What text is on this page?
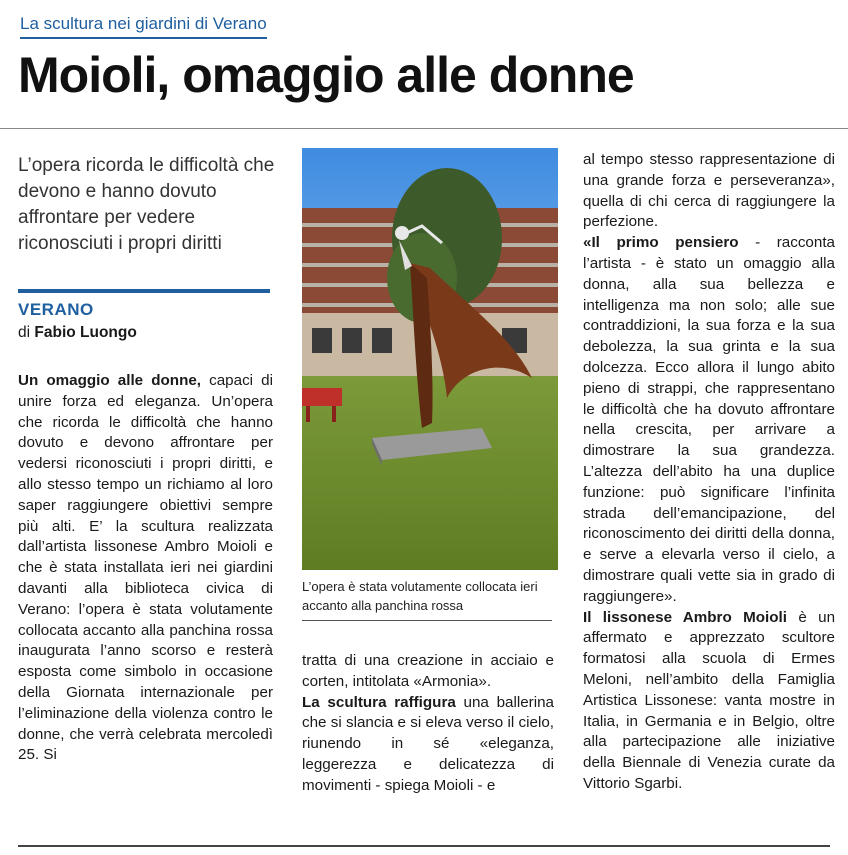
La scultura nei giardini di Verano
Moioli, omaggio alle donne
L’opera ricorda le difficoltà che devono e hanno dovuto affrontare per vedere riconosciuti i propri diritti
VERANO
di Fabio Luongo

Un omaggio alle donne, capaci di unire forza ed eleganza. Un’opera che ricorda le difficoltà che hanno dovuto e devono affrontare per vedersi riconosciuti i propri diritti, e allo stesso tempo un richiamo al loro saper raggiungere obiettivi sempre più alti. E’ la scultura realizzata dall’artista lissonese Ambro Moioli e che è stata installata ieri nei giardini davanti alla biblioteca civica di Verano: l’opera è stata volutamente collocata accanto alla panchina rossa inaugurata l’anno scorso e resterà esposta come simbolo in occasione della Giornata internazionale per l’eliminazione della violenza contro le donne, che verrà celebrata mercoledì 25. Si

L’opera è stata volutamente collocata ieri accanto alla panchina rossa

tratta di una creazione in acciaio e corten, intitolata «Armonia».

La scultura raffigura una ballerina che si slancia e si eleva verso il cielo, riunendo in sé «eleganza, leggerezza e delicatezza di movimenti - spiega Moioli - e

al tempo stesso rappresentazione di una grande forza e perseveranza», quella di chi cerca di raggiungere la perfezione.

«Il primo pensiero - racconta l’artista - è stato un omaggio alla donna, alla sua bellezza e intelligenza ma non solo; alle sue contraddizioni, la sua forza e la sua debolezza, la sua grinta e la sua dolcezza. Ecco allora il lungo abito pieno di strappi, che rappresentano le difficoltà che ha dovuto affrontare nella crescita, per arrivare a dimostrare la sua grandezza. L’altezza dell’abito ha una duplice funzione: può significare l’infinita strada dell’emancipazione, del riconoscimento dei diritti della donna, e serve a elevarla verso il cielo, a dimostrare quali vette sia in grado di raggiungere».

Il lissonese Ambro Moioli è un affermato e apprezzato scultore formatosi alla scuola di Ermes Meloni, nell’ambito della Famiglia Artistica Lissonese: vanta mostre in Italia, in Germania e in Belgio, oltre alla partecipazione alle iniziative della Biennale di Venezia curate da Vittorio Sgarbi.
